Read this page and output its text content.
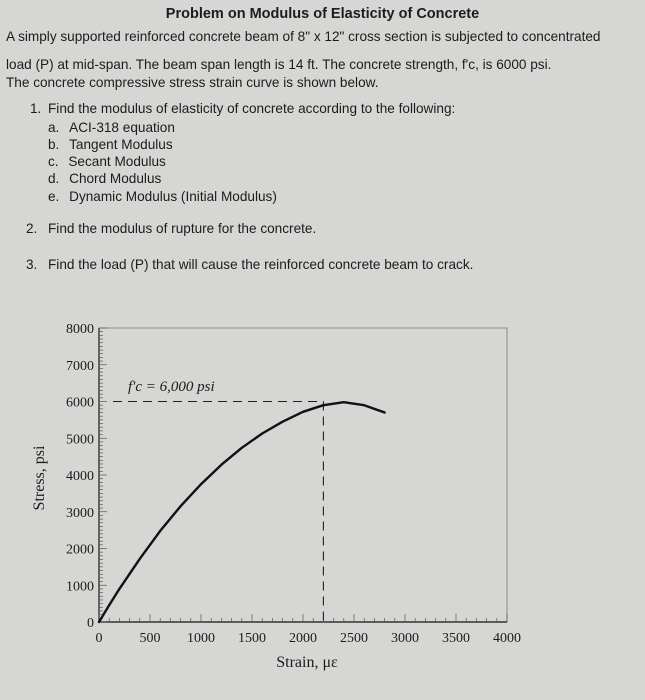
Problem on Modulus of Elasticity of Concrete
A simply supported reinforced concrete beam of 8" x 12" cross section is subjected to concentrated
load (P) at mid-span. The beam span length is 14 ft. The concrete strength, f'c, is 6000 psi.
The concrete compressive stress strain curve is shown below.
1. Find the modulus of elasticity of concrete according to the following:
a. ACI-318 equation
b. Tangent Modulus
c. Secant Modulus
d. Chord Modulus
e. Dynamic Modulus (Initial Modulus)
2. Find the modulus of rupture for the concrete.
3. Find the load (P) that will cause the reinforced concrete beam to crack.
0
1000
2000
3000
4000
5000
6000
7000
8000
0	500 1000 1500 2000 2500 3000 3500 4000
Stress, psi
Strain, με
f'c = 6,000 psi
